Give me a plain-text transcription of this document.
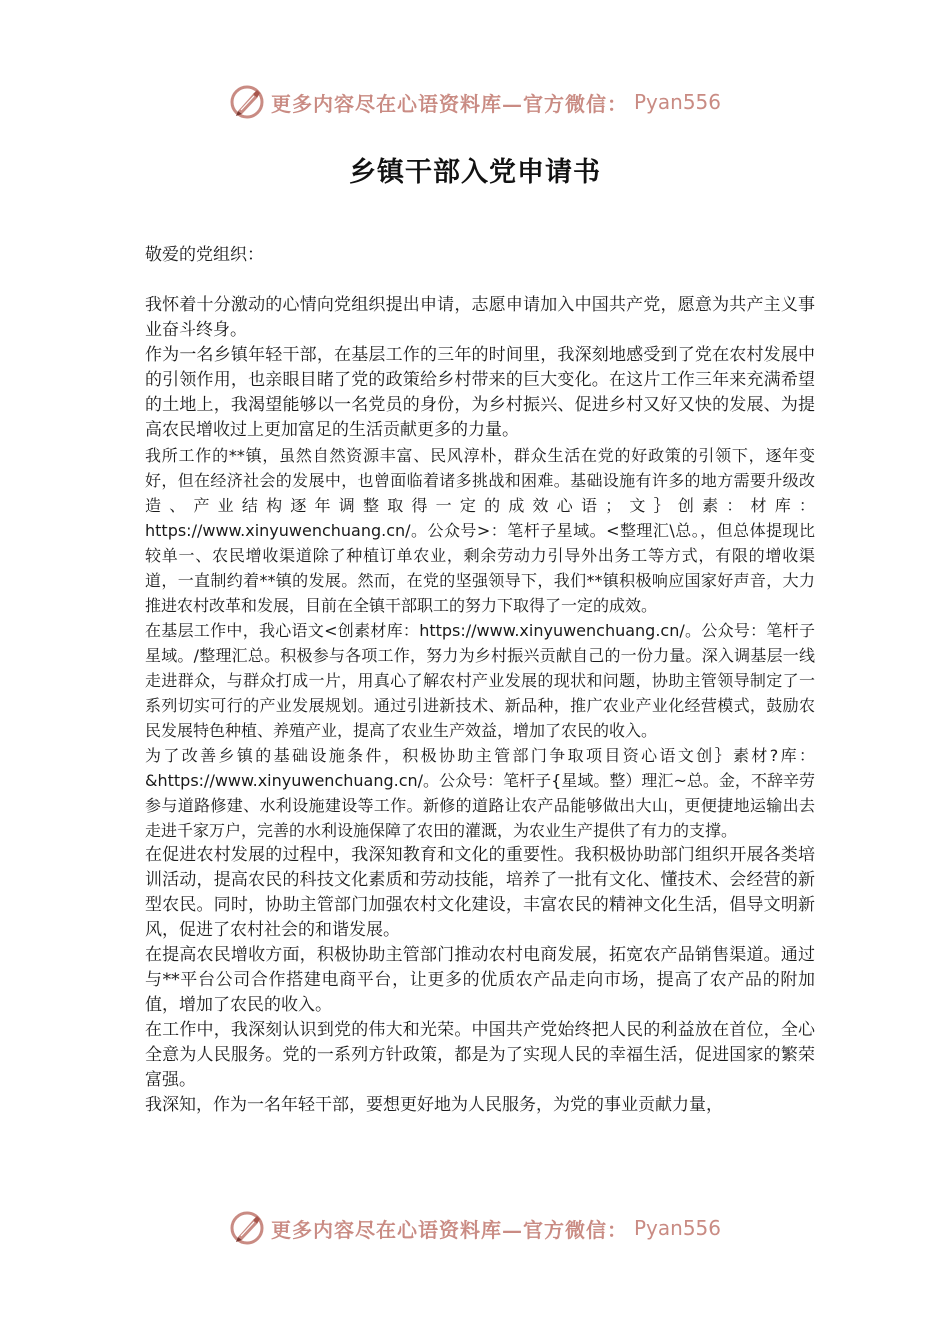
更多内容尽在心语资料库—官方微信： Pyan556
乡镇干部入党申请书

敬爱的党组织：

我怀着十分激动的心情向党组织提出申请，志愿申请加入中国共产党，愿意为共产主义事业奋斗终身。

作为一名乡镇年轻干部，在基层工作的三年的时间里，我深刻地感受到了党在农村发展中的引领作用，也亲眼目睹了党的政策给乡村带来的巨大变化。在这片工作三年来充满希望的土地上，我渴望能够以一名党员的身份，为乡村振兴、促进乡村又好又快的发展、为提高农民增收过上更加富足的生活贡献更多的力量。

我所工作的**镇，虽然自然资源丰富、民风淳朴，群众生活在党的好政策的引领下，逐年变好，但在经济社会的发展中，也曾面临着诸多挑战和困难。基础设施有许多的地方需要升级改造、产业结构逐年调整取得一定的成效心语；文｝创素：材库： https://www.xinyuwenchuang.cn/。公众号>：笔杆子星域。<整理汇\总。，但总体提现比较单一、农民增收渠道除了种植订单农业，剩余劳动力引导外出务工等方式，有限的增收渠道，一直制约着**镇的发展。然而，在党的坚强领导下，我们**镇积极响应国家好声音，大力推进农村改革和发展，目前在全镇干部职工的努力下取得了一定的成效。

在基层工作中，我心语文<创素材库：https://www.xinyuwenchuang.cn/。公众号：笔杆子星域。/整理汇总。积极参与各项工作，努力为乡村振兴贡献自己的一份力量。深入调基层一线走进群众，与群众打成一片，用真心了解农村产业发展的现状和问题，协助主管领导制定了一系列切实可行的产业发展规划。通过引进新技术、新品种，推广农业产业化经营模式，鼓励农民发展特色种植、养殖产业，提高了农业生产效益，增加了农民的收入。

为了改善乡镇的基础设施条件，积极协助主管部门争取项目资心语文创｝素材?库：&https://www.xinyuwenchuang.cn/。公众号：笔杆子{星域。整）理汇~总。金，不辞辛劳参与道路修建、水利设施建设等工作。新修的道路让农产品能够做出大山，更便捷地运输出去走进千家万户，完善的水利设施保障了农田的灌溉，为农业生产提供了有力的支撑。

在促进农村发展的过程中，我深知教育和文化的重要性。我积极协助部门组织开展各类培训活动，提高农民的科技文化素质和劳动技能，培养了一批有文化、懂技术、会经营的新型农民。同时，协助主管部门加强农村文化建设，丰富农民的精神文化生活，倡导文明新风，促进了农村社会的和谐发展。

在提高农民增收方面，积极协助主管部门推动农村电商发展，拓宽农产品销售渠道。通过与**平台公司合作搭建电商平台，让更多的优质农产品走向市场，提高了农产品的附加值，增加了农民的收入。

在工作中，我深刻认识到党的伟大和光荣。中国共产党始终把人民的利益放在首位，全心全意为人民服务。党的一系列方针政策，都是为了实现人民的幸福生活，促进国家的繁荣富强。

我深知，作为一名年轻干部，要想更好地为人民服务，为党的事业贡献力量，

更多内容尽在心语资料库—官方微信： Pyan556
